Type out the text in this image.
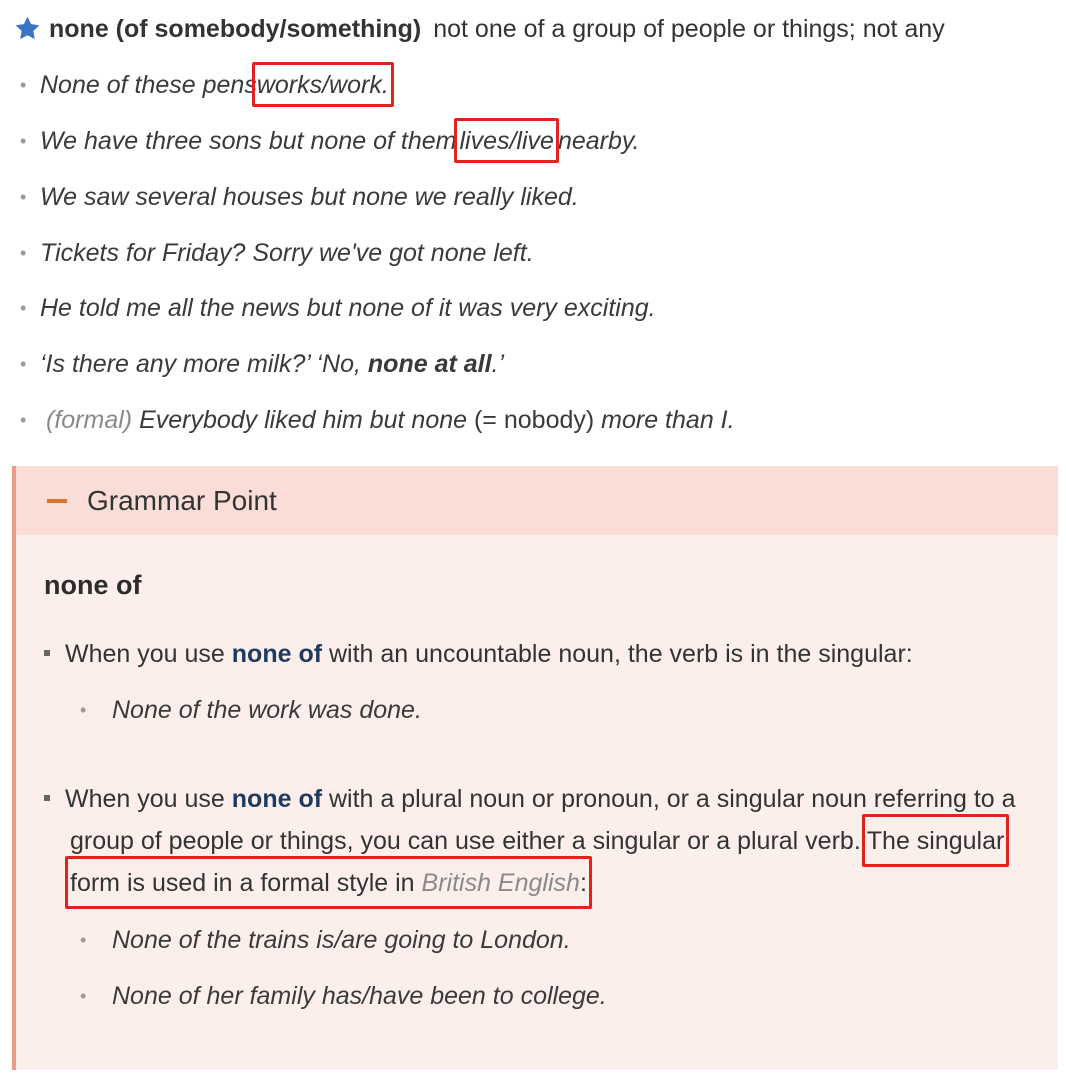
none (of somebody/something) not one of a group of people or things; not any
• None of these pensworks/work.
• We have three sons but none of them lives/live nearby.
• We saw several houses but none we really liked.
• Tickets for Friday? Sorry we've got none left.
• He told me all the news but none of it was very exciting.
• ‘Is there any more milk?’ ‘No, none at all.’
• (formal) Everybody liked him but none (= nobody) more than I.
Grammar Point
none of
When you use none of with an uncountable noun, the verb is in the singular:
• None of the work was done.
When you use none of with a plural noun or pronoun, or a singular noun referring to a
group of people or things, you can use either a singular or a plural verb. The singular
form is used in a formal style in British English:
• None of the trains is/are going to London.
• None of her family has/have been to college.
